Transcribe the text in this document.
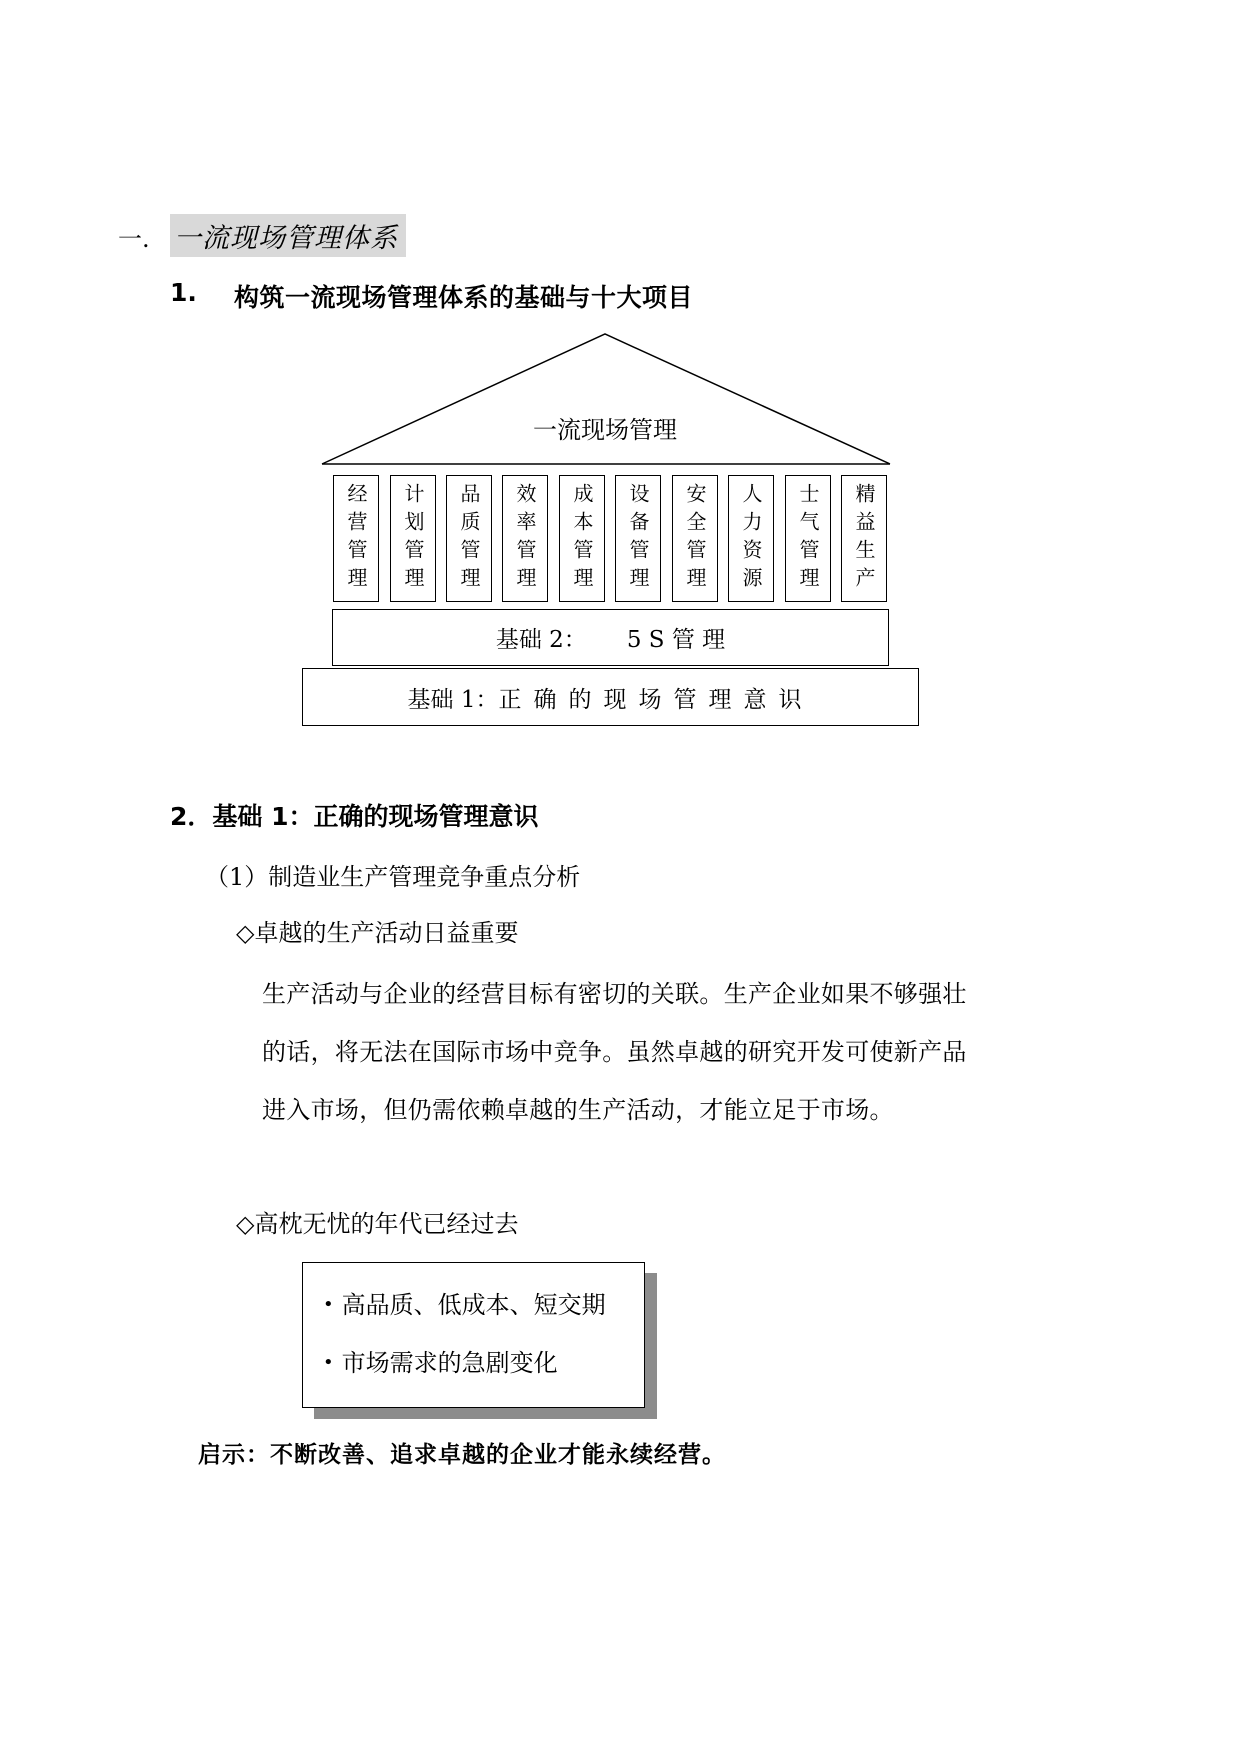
一. 一流现场管理体系
1. 构筑一流现场管理体系的基础与十大项目
一流现场管理
经营管理 计划管理 品质管理 效率管理 成本管理 设备管理 安全管理 人力资源 士气管理 精益生产
基础 2： 5 S 管 理
基础 1： 正确的现场管理意识
2．基础 1：正确的现场管理意识
（1）制造业生产管理竞争重点分析
◇卓越的生产活动日益重要
生产活动与企业的经营目标有密切的关联。生产企业如果不够强壮的话，将无法在国际市场中竞争。虽然卓越的研究开发可使新产品进入市场，但仍需依赖卓越的生产活动，才能立足于市场。
◇高枕无忧的年代已经过去
• 高品质、低成本、短交期
• 市场需求的急剧变化
启示：不断改善、追求卓越的企业才能永续经营。
